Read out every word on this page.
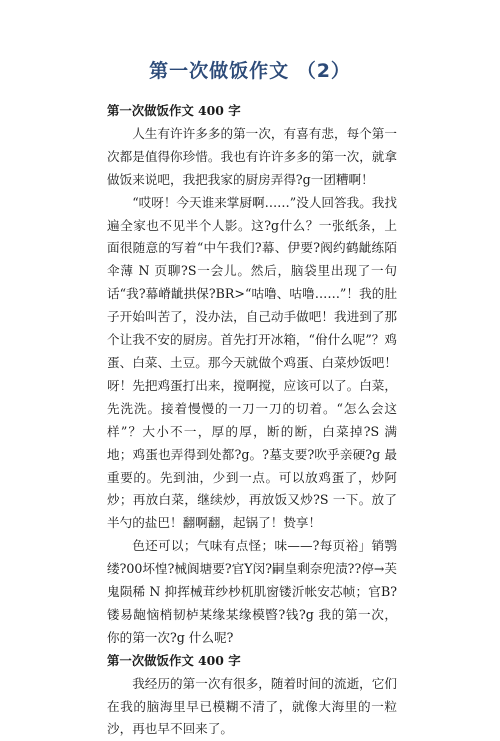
第一次做饭作文 （2）

第一次做饭作文 400 字

人生有许许多多的第一次，有喜有悲，每个第一次都是值得你珍惜。我也有许许多多的第一次，就拿做饭来说吧，我把我家的厨房弄得?g一团糟啊！

“哎呀！今天谁来掌厨啊……”没人回答我。我找遍全家也不见半个人影。这?g什么？一张纸条，上面很随意的写着“中午我们?幕、伊要?阀约鹤龇练陌伞薄 N 页聊?S一会儿。然后，脑袋里出现了一句话“我?幕嵴龇拱保?BR>“咕噜、咕噜……”！我的肚子开始叫苦了，没办法，自己动手做吧！我进到了那个让我不安的厨房。首先打开冰箱，“佾什么呢”？鸡蛋、白菜、土豆。那今天就做个鸡蛋、白菜炒饭吧！呀！先把鸡蛋打出来，搅啊搅，应该可以了。白菜，先洗洗。接着慢慢的一刀一刀的切着。“怎么会这样”？大小不一，厚的厚，断的断，白菜掉?S 满地；鸡蛋也弄得到处都?g。?墓支要?吹乎亲硬?g 最重要的。先到油，少到一点。可以放鸡蛋了，炒阿炒；再放白菜，继续炒，再放饭又炒?S 一下。放了半勺的盐巴！翻啊翻，起锅了！贽享！

色还可以；气味有点怪；味——?每页裕」销鹗缕?00坏惶?械阆塘要?官Y闵?嗣皇剩奈兜渍??停→芙鬼陨稀 N 抑挥械茸纱杪杌肌窗镂沂帐安芯帧；官B?镂易龅恼梢韧栌某缘某缘模暋?钱?g 我的第一次，你的第一次?g 什么呢?

第一次做饭作文 400 字

我经历的第一次有很多，随着时间的流逝，它们在我的脑海里早已模糊不清了，就像大海里的一粒沙，再也早不回来了。
